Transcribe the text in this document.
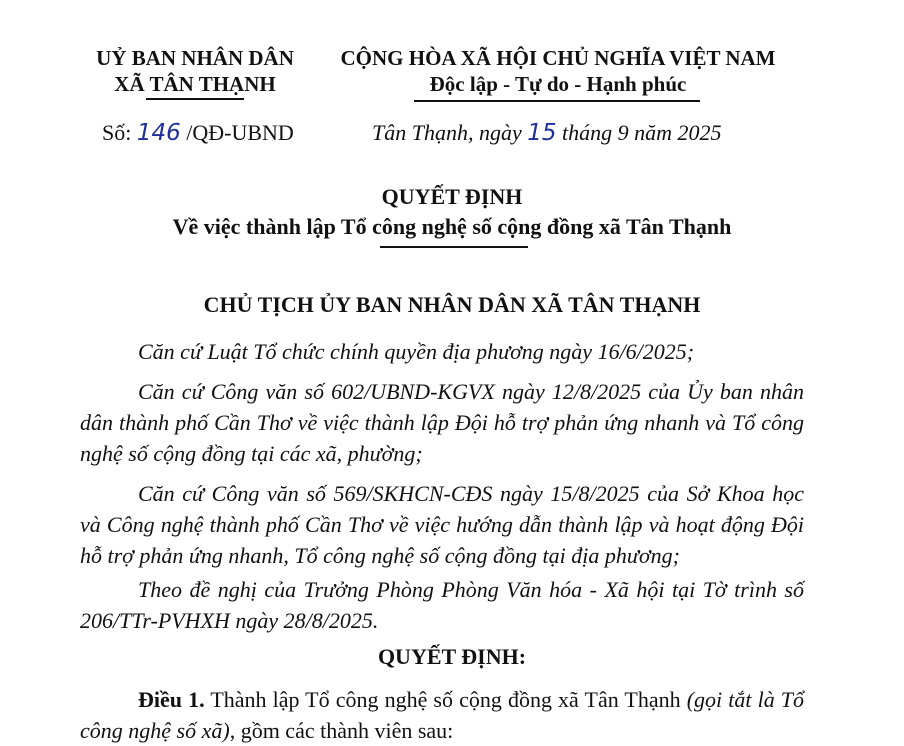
UỶ BAN NHÂN DÂN
XÃ TÂN THẠNH
CỘNG HÒA XÃ HỘI CHỦ NGHĨA VIỆT NAM
Độc lập - Tự do - Hạnh phúc
Số: 146 /QĐ-UBND	Tân Thạnh, ngày 15 tháng 9 năm 2025
QUYẾT ĐỊNH
Về việc thành lập Tổ công nghệ số cộng đồng xã Tân Thạnh
CHỦ TỊCH ỦY BAN NHÂN DÂN XÃ TÂN THẠNH
Căn cứ Luật Tổ chức chính quyền địa phương ngày 16/6/2025;
Căn cứ Công văn số 602/UBND-KGVX ngày 12/8/2025 của Ủy ban nhân dân thành phố Cần Thơ về việc thành lập Đội hỗ trợ phản ứng nhanh và Tổ công nghệ số cộng đồng tại các xã, phường;
Căn cứ Công văn số 569/SKHCN-CĐS ngày 15/8/2025 của Sở Khoa học và Công nghệ thành phố Cần Thơ về việc hướng dẫn thành lập và hoạt động Đội hỗ trợ phản ứng nhanh, Tổ công nghệ số cộng đồng tại địa phương;
Theo đề nghị của Trưởng Phòng Phòng Văn hóa - Xã hội tại Tờ trình số 206/TTr-PVHXH ngày 28/8/2025.
QUYẾT ĐỊNH:
Điều 1. Thành lập Tổ công nghệ số cộng đồng xã Tân Thạnh (gọi tắt là Tổ công nghệ số xã), gồm các thành viên sau:
